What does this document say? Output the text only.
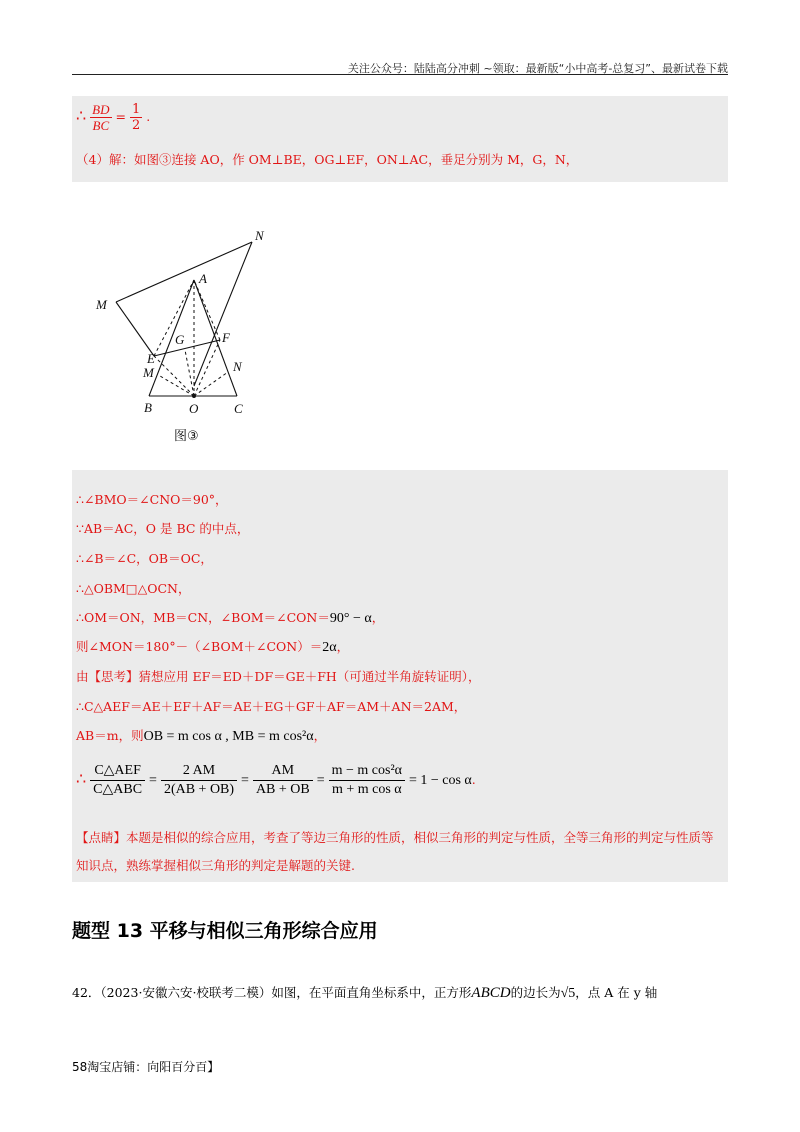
关注公众号：陆陆高分冲刺 ~领取：最新版“小中高考-总复习”、最新试卷下载
N
M
A
G	F
E
M	N
B	O	C
图③
∴ $\frac{BD}{BC} = \frac{1}{2}$ .
（4）解：如图③连接 AO，作 OM⊥BE，OG⊥EF，ON⊥AC，垂足分别为 M，G，N，
∴∠BMO＝∠CNO＝90°，
∵AB＝AC，O 是 BC 的中点，
∴∠B＝∠C，OB＝OC，
∴△OBM□△OCN，
∴OM＝ON，MB＝CN，∠BOM＝∠CON＝90° − α，
则∠MON＝180°－（∠BOM＋∠CON）＝2α，
由【思考】猜想应用 EF＝ED＋DF＝GE＋FH（可通过半角旋转证明），
∴C△AEF＝AE＋EF＋AF＝AE＋EG＋GF＋AF＝AM＋AN＝2AM，
AB＝m，则OB = m cos α , MB = m cos²α，
∴ $\frac{\text{C△AEF}}{\text{C△ABC}} = \frac{2 AM}{2(AB + OB)} = \frac{AM}{AB + OB} = \frac{\text{m − m cos²α}}{\text{m + m cos α}} = 1 - \cos \alpha$.
【点睛】本题是相似的综合应用，考查了等边三角形的性质，相似三角形的判定与性质，全等三角形的判定与性质等知识点，熟练掌握相似三角形的判定是解题的关键.
题型 13 平移与相似三角形综合应用
42．（2023·安徽六安·校联考二模）如图，在平面直角坐标系中，正方形ABCD的边长为√5，点 A 在 y 轴
58淘宝店铺：向阳百分百】
